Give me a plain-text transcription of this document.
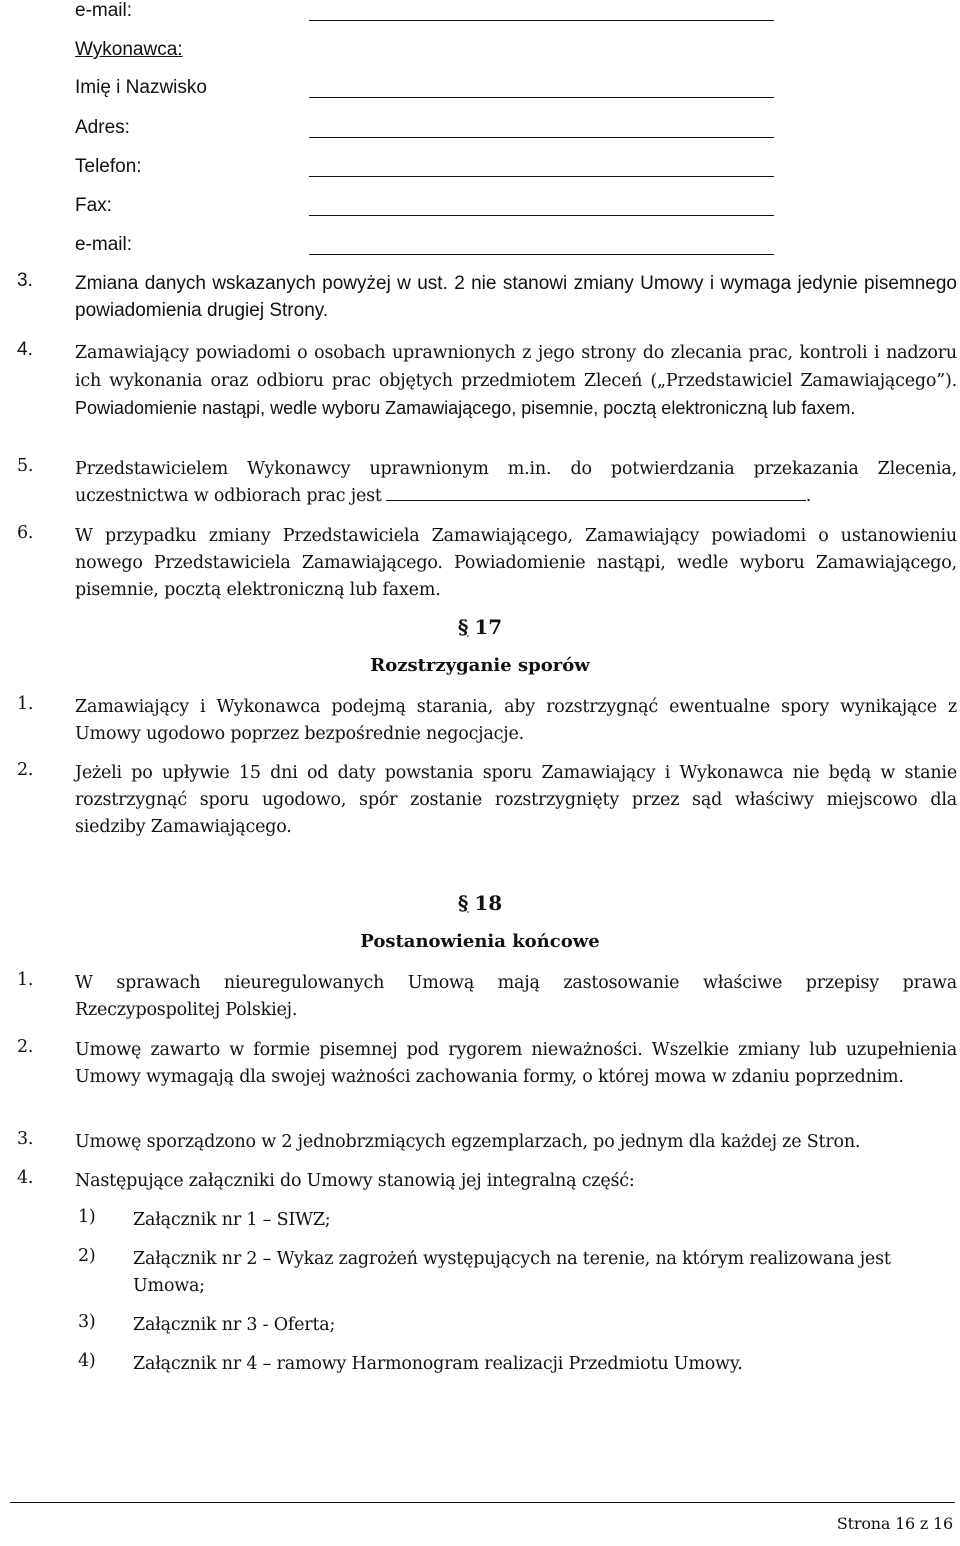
e-mail:
Wykonawca:
Imię i Nazwisko
Adres:
Telefon:
Fax:
e-mail:
3. Zmiana danych wskazanych powyżej w ust. 2 nie stanowi zmiany Umowy i wymaga jedynie pisemnego powiadomienia drugiej Strony.
4. Zamawiający powiadomi o osobach uprawnionych z jego strony do zlecania prac, kontroli i nadzoru ich wykonania oraz odbioru prac objętych przedmiotem Zleceń („Przedstawiciel Zamawiającego”). Powiadomienie nastąpi, wedle wyboru Zamawiającego, pisemnie, pocztą elektroniczną lub faxem.
5. Przedstawicielem Wykonawcy uprawnionym m.in. do potwierdzania przekazania Zlecenia, uczestnictwa w odbiorach prac jest	.
6. W przypadku zmiany Przedstawiciela Zamawiającego, Zamawiający powiadomi o ustanowieniu nowego Przedstawiciela Zamawiającego. Powiadomienie nastąpi, wedle wyboru Zamawiającego, pisemnie, pocztą elektroniczną lub faxem.
§ 17
Rozstrzyganie sporów
1. Zamawiający i Wykonawca podejmą starania, aby rozstrzygnąć ewentualne spory wynikające z Umowy ugodowo poprzez bezpośrednie negocjacje.
2. Jeżeli po upływie 15 dni od daty powstania sporu Zamawiający i Wykonawca nie będą w stanie rozstrzygnąć sporu ugodowo, spór zostanie rozstrzygnięty przez sąd właściwy miejscowo dla siedziby Zamawiającego.
§ 18
Postanowienia końcowe
1. W sprawach nieuregulowanych Umową mają zastosowanie właściwe przepisy prawa Rzeczypospolitej Polskiej.
2. Umowę zawarto w formie pisemnej pod rygorem nieważności. Wszelkie zmiany lub uzupełnienia Umowy wymagają dla swojej ważności zachowania formy, o której mowa w zdaniu poprzednim.
3. Umowę sporządzono w 2 jednobrzmiących egzemplarzach, po jednym dla każdej ze Stron.
4. Następujące załączniki do Umowy stanowią jej integralną część:
1) Załącznik nr 1 – SIWZ;
2) Załącznik nr 2 – Wykaz zagrożeń występujących na terenie, na którym realizowana jest Umowa;
3) Załącznik nr 3 - Oferta;
4) Załącznik nr 4 – ramowy Harmonogram realizacji Przedmiotu Umowy.
Strona 16 z 16
